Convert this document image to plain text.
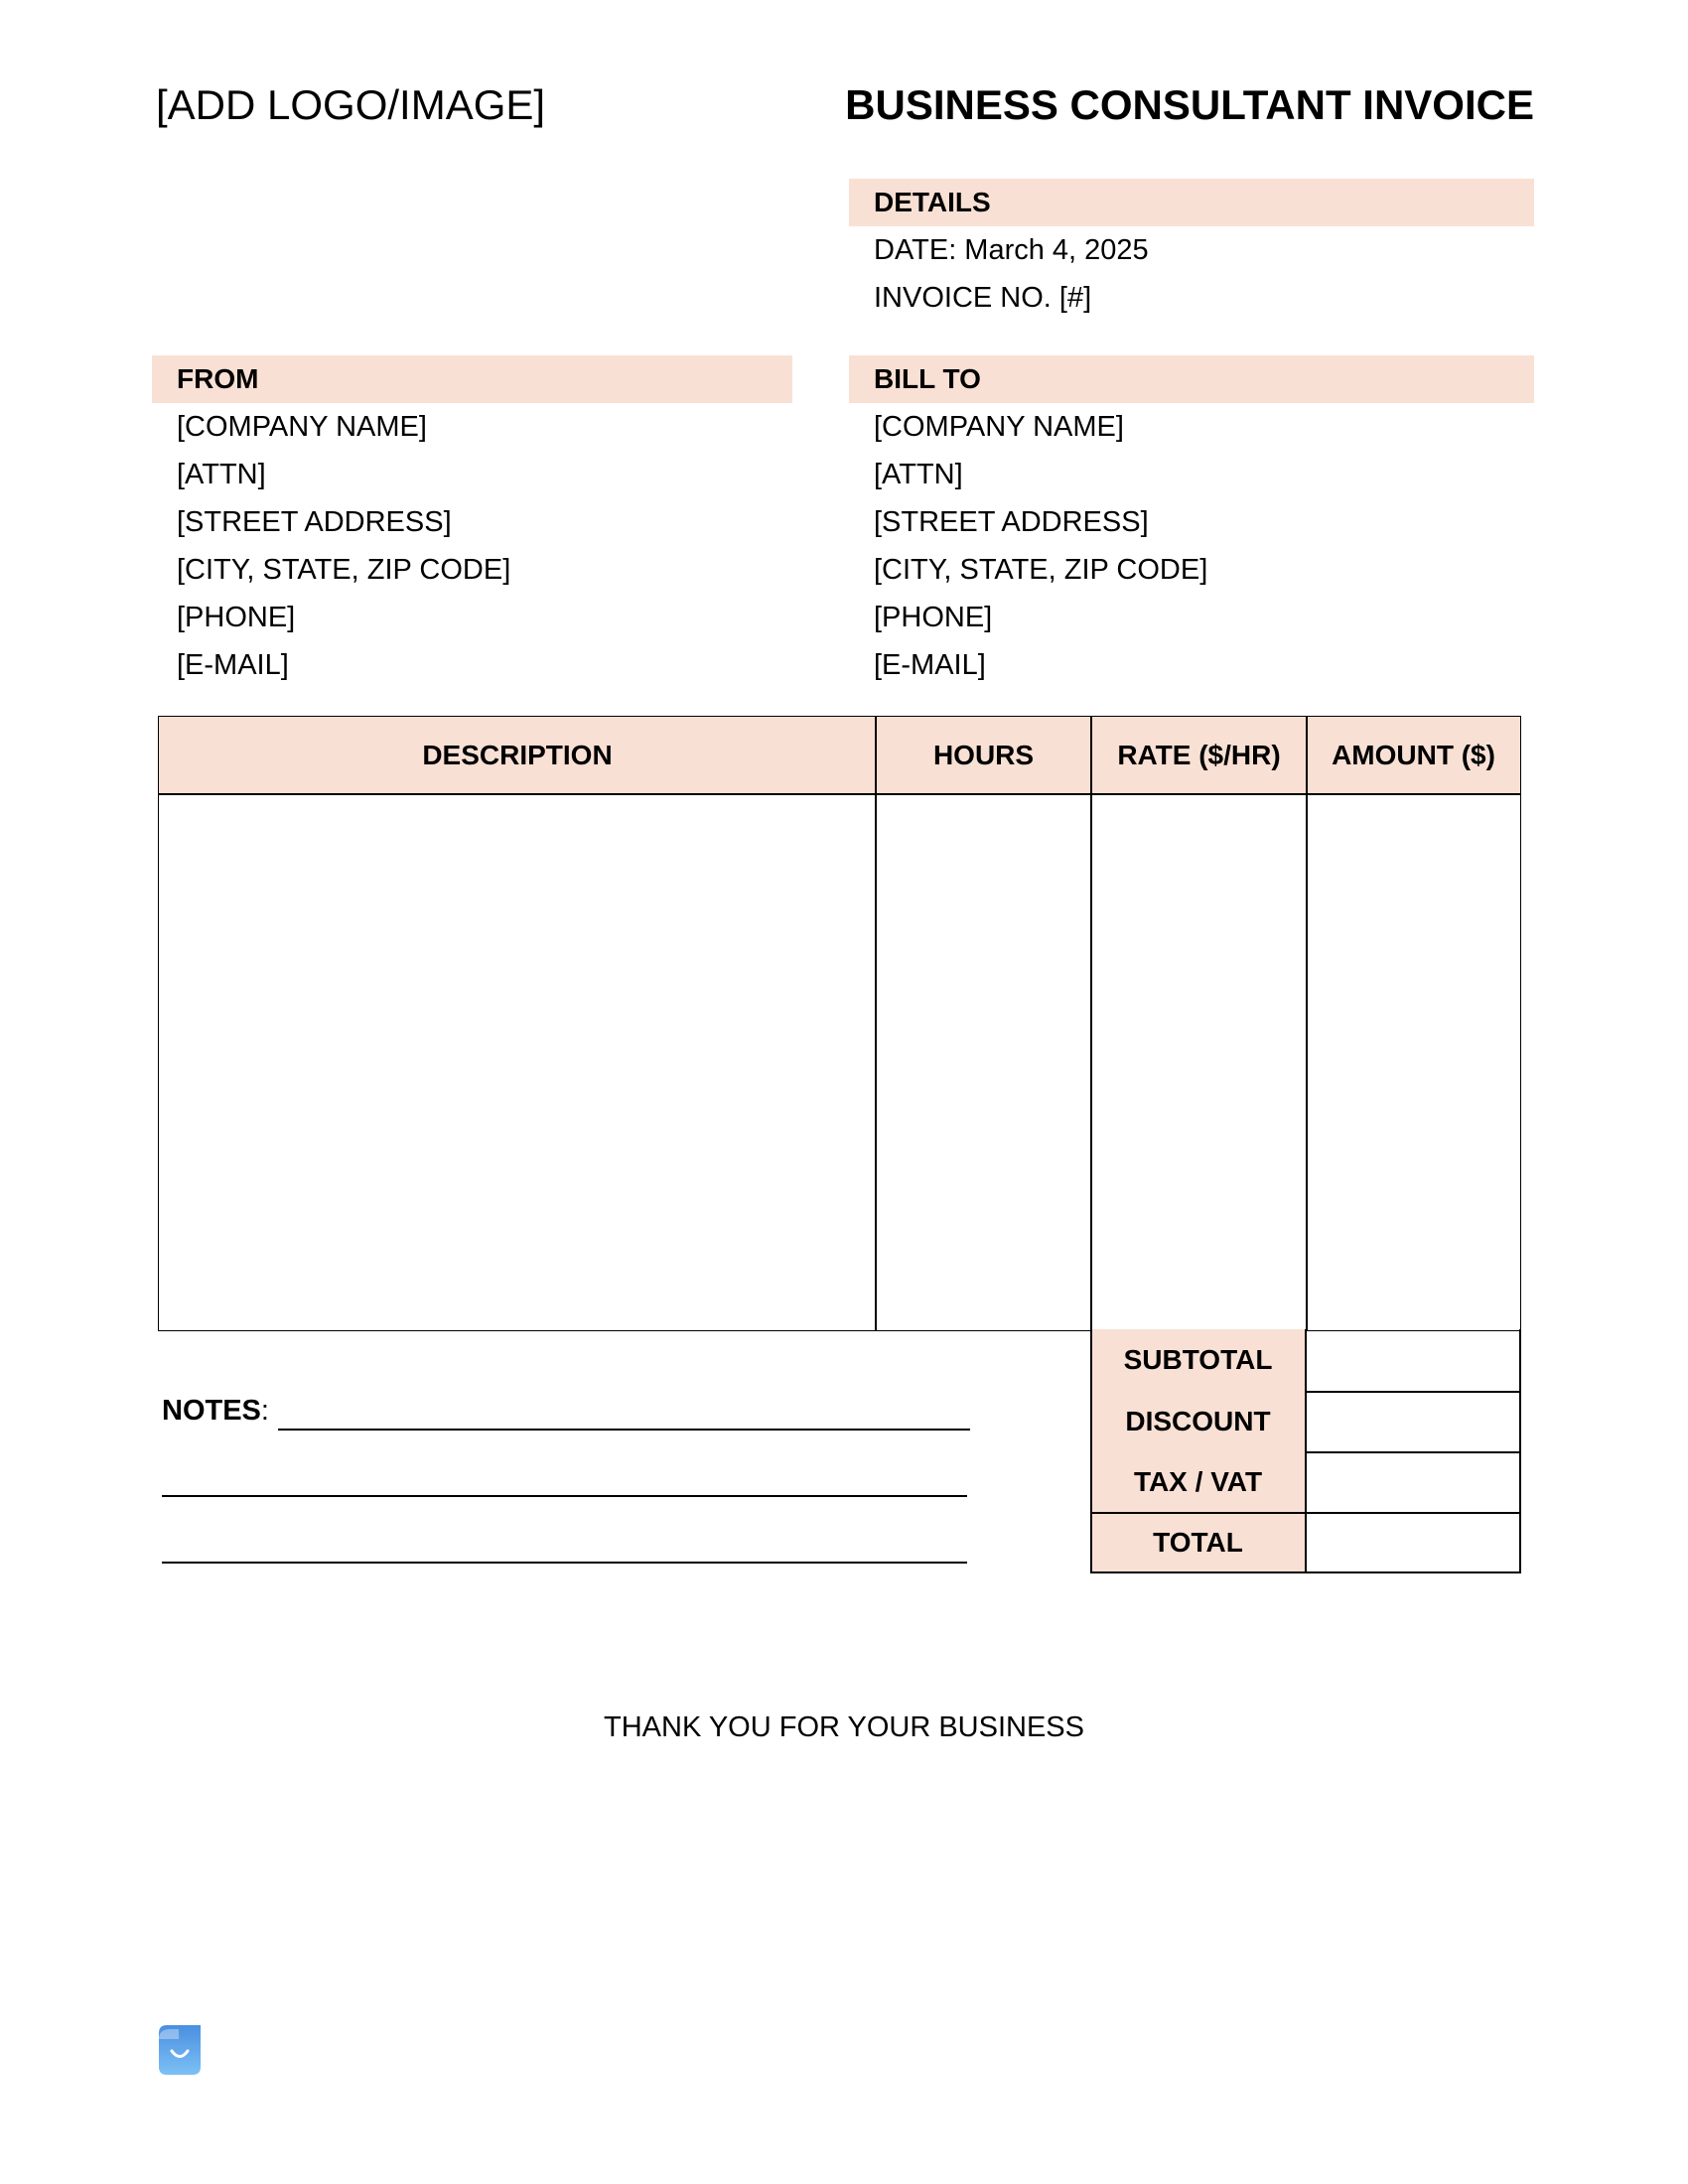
[ADD LOGO/IMAGE]	BUSINESS CONSULTANT INVOICE
DETAILS
DATE: March 4, 2025
INVOICE NO. [#]
FROM
[COMPANY NAME]
[ATTN]
[STREET ADDRESS]
[CITY, STATE, ZIP CODE]
[PHONE]
[E-MAIL]
BILL TO
[COMPANY NAME]
[ATTN]
[STREET ADDRESS]
[CITY, STATE, ZIP CODE]
[PHONE]
[E-MAIL]
DESCRIPTION	HOURS	RATE ($/HR)	AMOUNT ($)
SUBTOTAL
DISCOUNT
TAX / VAT
TOTAL
NOTES:
THANK YOU FOR YOUR BUSINESS
